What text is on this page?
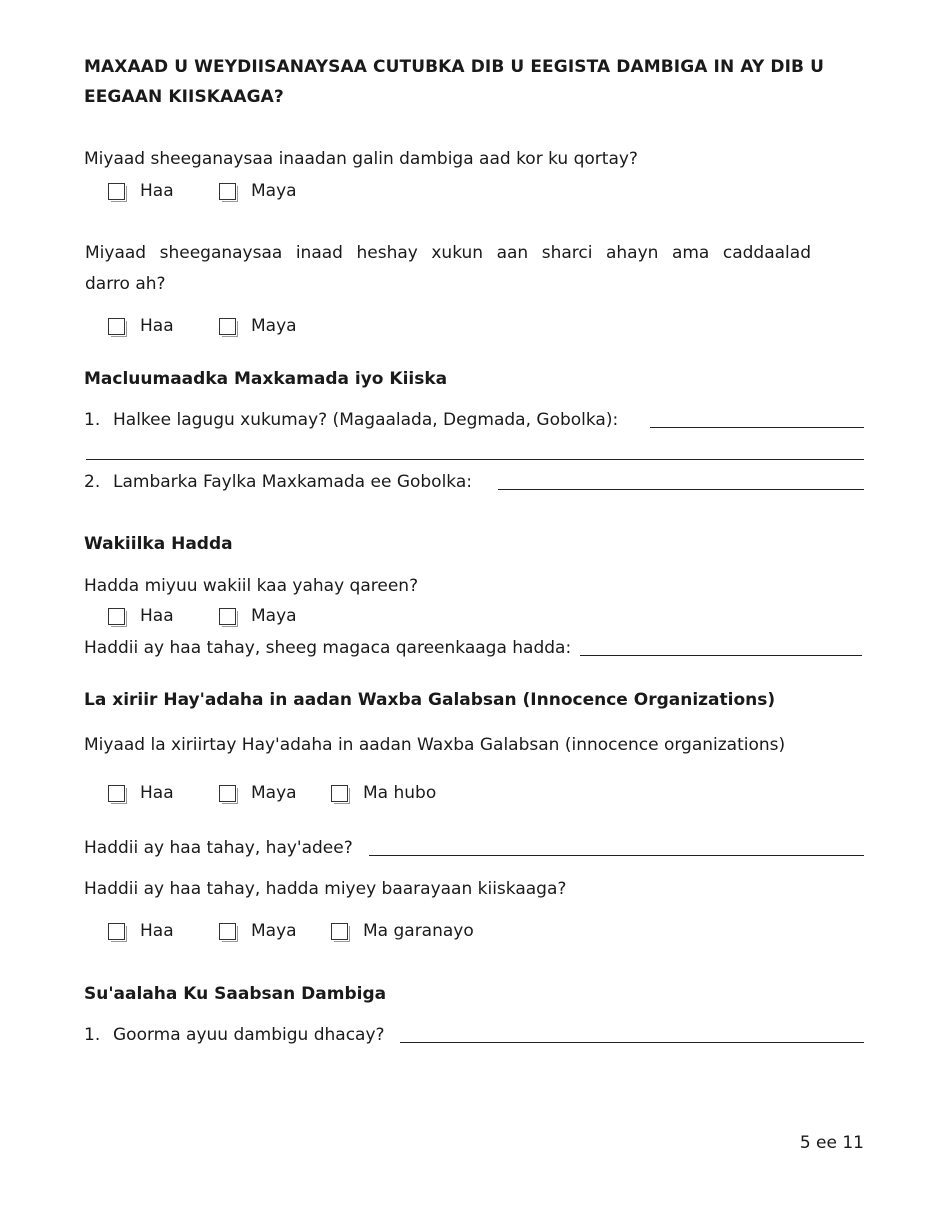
MAXAAD U WEYDIISANAYSAA CUTUBKA DIB U EEGISTA DAMBIGA IN AY DIB U EEGAAN KIISKAAGA?
Miyaad sheeganaysaa inaadan galin dambiga aad kor ku qortay?
Haa	Maya
Miyaad sheeganaysaa inaad heshay xukun aan sharci ahayn ama caddaalad
darro ah?
Haa	Maya
Macluumaadka Maxkamada iyo Kiiska
1. Halkee lagugu xukumay? (Magaalada, Degmada, Gobolka):
2. Lambarka Faylka Maxkamada ee Gobolka:
Wakiilka Hadda
Hadda miyuu wakiil kaa yahay qareen?
Haa	Maya
Haddii ay haa tahay, sheeg magaca qareenkaaga hadda:
La xiriir Hay'adaha in aadan Waxba Galabsan (Innocence Organizations)
Miyaad la xiriirtay Hay'adaha in aadan Waxba Galabsan (innocence organizations)
Haa	Maya	Ma hubo
Haddii ay haa tahay, hay'adee?
Haddii ay haa tahay, hadda miyey baarayaan kiiskaaga?
Haa	Maya	Ma garanayo
Su'aalaha Ku Saabsan Dambiga
1. Goorma ayuu dambigu dhacay?
5 ee 11
